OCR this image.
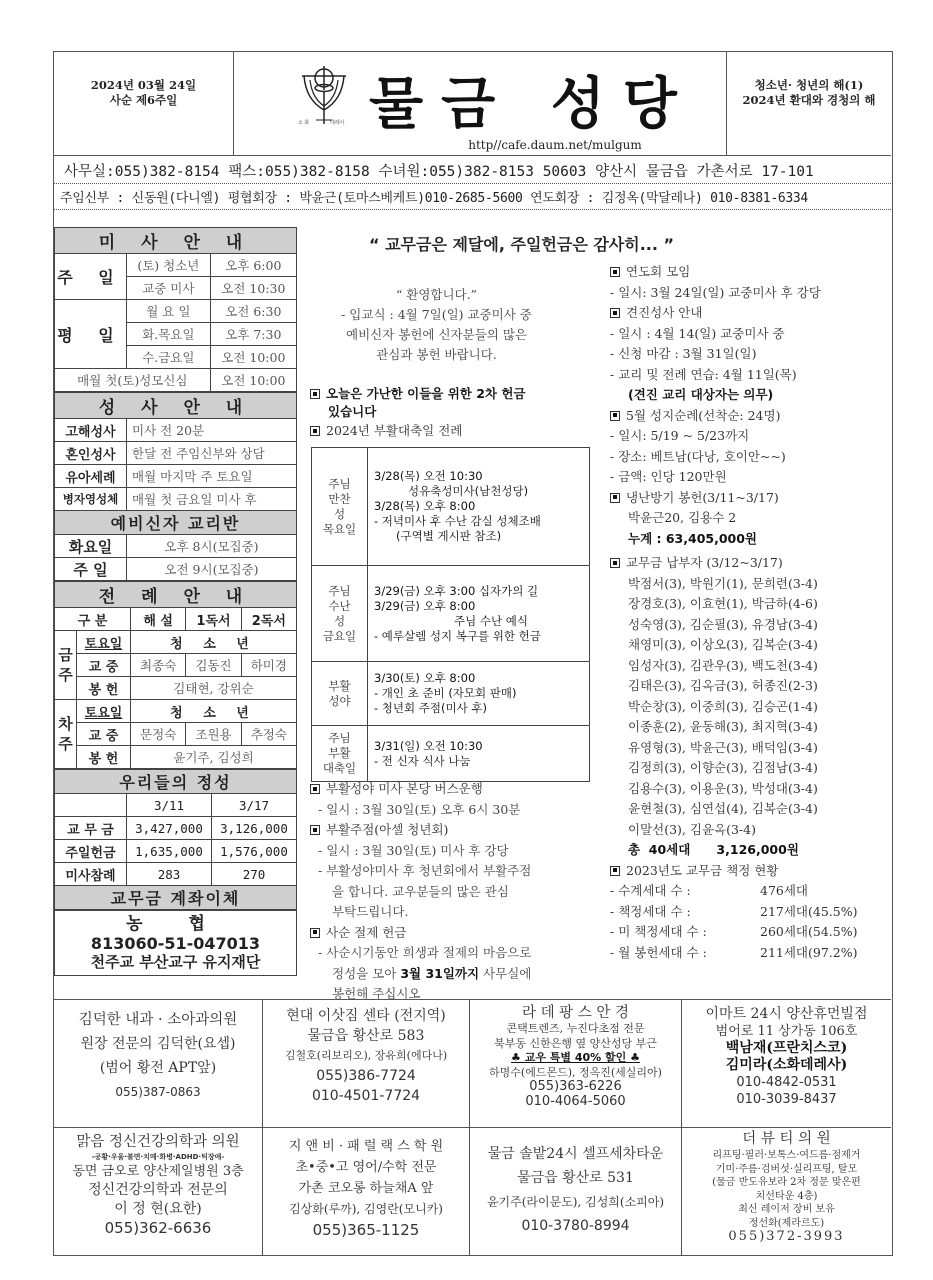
2024년 03월 24일
사순 제6주일
소 화	데레사 물금 성당
http//cafe.daum.net/mulgum
청소년· 청년의 해(1)
2024년 환대와 경청의 해
사무실:055)382-8154 팩스:055)382-8158 수녀원:055)382-8153 50603 양산시 물금읍 가촌서로 17-101
주임신부 : 신동원(다니엘) 평협회장 : 박윤근(토마스베케트)010-2685-5600 연도회장 : 김정옥(막달레나) 010-8381-6334
미 사 안 내		
주 일	(토) 청소년	오후 6:00
	교중 미사	오전 10:30
평 일	월 요 일	오전 6:30
	화.목요일	오후 7:30
	수.금요일	오전 10:00
매월 첫(토)성모신심		오전 10:00
성 사 안 내	
고해성사	미사 전 20분
혼인성사	한달 전 주임신부와 상담
유아세례	매월 마지막 주 토요일
병자영성체	매월 첫 금요일 미사 후
예비신자 교리반	
화요일	오후 8시(모집중)
주 일	오전 9시(모집중)
전 례 안 내				
구 분		해 설	1독서	2독서
금주	토요일	청 소 년		
	교 중	최종숙	김동진	하미경
	봉 헌	김태현, 강위순		
차주	토요일	청 소 년		
	교 중	문정숙	조원용	추정숙
	봉 헌	윤기주, 김성희		
우리들의 정성		
	3/11	3/17
교 무 금	3,427,000	3,126,000
주일헌금	1,635,000	1,576,000
미사참례	283	270
교무금 계좌이체		
농 협
813060-51-047013
천주교 부산교구 유지재단
“ 교무금은 제달에, 주일헌금은 감사히... ”
“ 환영합니다.”
- 입교식 : 4월 7일(일) 교중미사 중
예비신자 봉헌에 신자분들의 많은
관심과 봉헌 바랍니다.
오늘은 가난한 이들을 위한 2차 헌금
있습니다
2024년 부활대축일 전례
주님
만찬
성
목요일	3/28(목) 오전 10:30

성유축성미사(남천성당)
3/28(목) 오후 8:00
- 저녁미사 후 수난 감실 성체조배

(구역별 게시판 참조)

주님
수난
성
금요일	3/29(금) 오후 3:00 십자가의 길
3/29(금) 오후 8:00

주님 수난 예식
- 예루살렘 성지 복구를 위한 헌금
부활
성야	3/30(토) 오후 8:00
- 개인 초 준비 (자모회 판매)
- 청년회 주점(미사 후)
주님
부활
대축일	3/31(일) 오전 10:30
- 전 신자 식사 나눔
부활성야 미사 본당 버스운행
- 일시 : 3월 30일(토) 오후 6시 30분
부활주점(아셀 청년회)
- 일시 : 3월 30일(토) 미사 후 강당
- 부활성야미사 후 청년회에서 부활주점
을 합니다. 교우분들의 많은 관심
부탁드립니다.
사순 절제 헌금
- 사순시기동안 희생과 절제의 마음으로
정성을 모아 3월 31일까지 사무실에
봉헌해 주십시오
연도회 모임
- 일시: 3월 24일(일) 교중미사 후 강당
견진성사 안내
- 일시 : 4월 14(일) 교중미사 중
- 신청 마감 : 3월 31일(일)
- 교리 및 전례 연습: 4월 11일(목)
(견진 교리 대상자는 의무)
5월 성지순례(선착순: 24명)
- 일시: 5/19 ~ 5/23까지
- 장소: 베트남(다낭, 호이안~~)
- 금액: 인당 120만원
냉난방기 봉헌(3/11~3/17)
박윤근20, 김용수 2
누계 : 63,405,000원
교무금 납부자 (3/12~3/17)
박점서(3), 박원기(1), 문희련(3-4)
장경호(3), 이효현(1), 박금하(4-6)
성숙영(3), 김순필(3), 유경남(3-4)
채영미(3), 이상오(3), 김복순(3-4)
임성자(3), 김관우(3), 백도천(3-4)
김태은(3), 김옥금(3), 허종진(2-3)
박순창(3), 이중희(3), 김승곤(1-4)
이종훈(2), 윤동해(3), 최지혁(3-4)
유영형(3), 박윤근(3), 배덕임(3-4)
김정희(3), 이향순(3), 김점남(3-4)
김용수(3), 이용운(3), 박성대(3-4)
윤현철(3), 심연섭(4), 김복순(3-4)
이말선(3), 김윤옥(3-4)
총  40세대      3,126,000원
2023년도 교무금 책정 현황
- 수계세대 수 :	476세대
- 책정세대 수 :	217세대(45.5%)
- 미 책정세대 수 :	260세대(54.5%)
- 월 봉헌세대 수 :	211세대(97.2%)
김덕한 내과 · 소아과의원
원장 전문의 김덕한(요셉)
(범어 황전 APT앞)
055)387-0863
현대 이삿짐 센타 (전지역)
물금읍 황산로 583
김철호(리보리오), 장유희(에다나)
055)386-7724
010-4501-7724
라 데 팡 스 안 경
콘택트렌즈, 누진다초점 전문
북부동 신한은행 옆 양산성당 부근
♣ 교우 특별 40% 할인 ♣
하명수(에드몬드), 정옥진(세실리아)
055)363-6226
010-4064-5060
이마트 24시 양산휴먼빌점
범어로 11 상가동 106호
백남재(프란치스코)
김미라(소화데레사)
010-4842-0531
010-3039-8437
맑음 정신건강의학과 의원
-공황·우울·불면·치매·화병·ADHD·틱장애-
동면 금오로 양산제일병원 3층
정신건강의학과 전문의
이 정 현(요한)
055)362-6636
지 앤 비 · 패 럴 랙 스 학 원
초•중•고 영어/수학 전문
가촌 코오롱 하늘채A 앞
김상화(루까), 김영란(모니카)
055)365-1125
물금 솔밭24시 셀프세차타운
물금읍 황산로 531
윤기주(라이문도), 김성희(소피아)
010-3780-8994
더 뷰 티 의 원
리프팅·필러·보톡스·여드름·점제거
기미·주름·검버섯·실리프팅, 탈모
(물금 반도유보라 2차 정문 맞은편
치선타운 4층)
최신 레이저 장비 보유
정선화(제라르도)
055)372-3993
